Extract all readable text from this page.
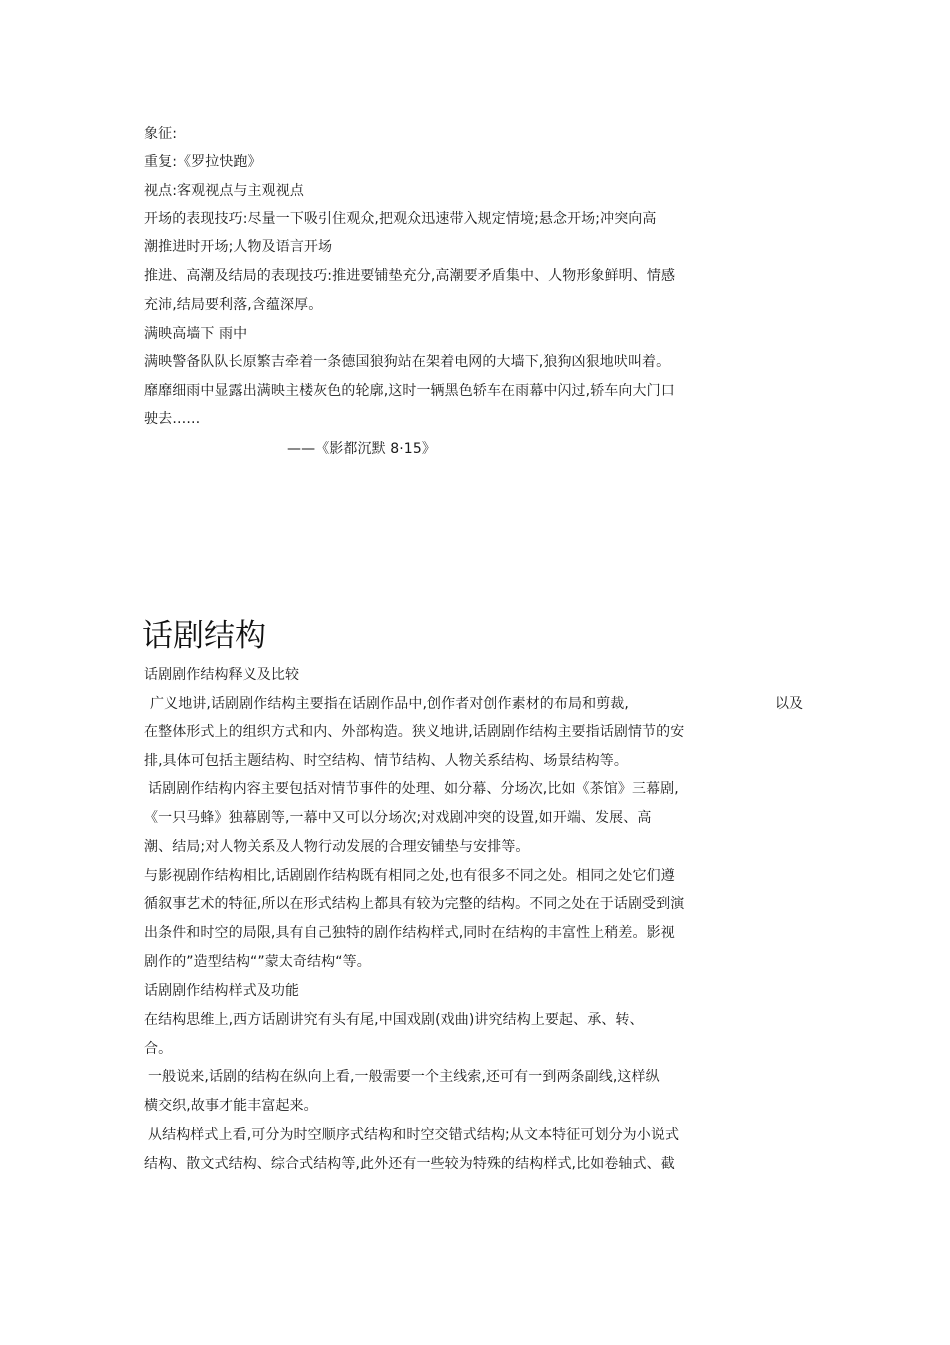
象征:
重复:《罗拉快跑》
视点:客观视点与主观视点
开场的表现技巧:尽量一下吸引住观众,把观众迅速带入规定情境;悬念开场;冲突向高
潮推进时开场;人物及语言开场
推进、高潮及结局的表现技巧:推进要铺垫充分,高潮要矛盾集中、人物形象鲜明、情感
充沛,结局要利落,含蕴深厚。
满映高墙下 雨中
满映警备队队长原繁吉牵着一条德国狼狗站在架着电网的大墙下,狼狗凶狠地吠叫着。
靡靡细雨中显露出满映主楼灰色的轮廓,这时一辆黑色轿车在雨幕中闪过,轿车向大门口
驶去……
——《影都沉默 8·15》
话剧结构
话剧剧作结构释义及比较
广义地讲,话剧剧作结构主要指在话剧作品中,创作者对创作素材的布局和剪裁,	以及
在整体形式上的组织方式和内、外部构造。狭义地讲,话剧剧作结构主要指话剧情节的安
排,具体可包括主题结构、时空结构、情节结构、人物关系结构、场景结构等。
话剧剧作结构内容主要包括对情节事件的处理、如分幕、分场次,比如《茶馆》三幕剧,
《一只马蜂》独幕剧等,一幕中又可以分场次;对戏剧冲突的设置,如开端、发展、高
潮、结局;对人物关系及人物行动发展的合理安铺垫与安排等。
与影视剧作结构相比,话剧剧作结构既有相同之处,也有很多不同之处。相同之处它们遵
循叙事艺术的特征,所以在形式结构上都具有较为完整的结构。不同之处在于话剧受到演
出条件和时空的局限,具有自己独特的剧作结构样式,同时在结构的丰富性上稍差。影视
剧作的”造型结构“”蒙太奇结构“等。
话剧剧作结构样式及功能
在结构思维上,西方话剧讲究有头有尾,中国戏剧(戏曲)讲究结构上要起、承、转、
合。
一般说来,话剧的结构在纵向上看,一般需要一个主线索,还可有一到两条副线,这样纵
横交织,故事才能丰富起来。
从结构样式上看,可分为时空顺序式结构和时空交错式结构;从文本特征可划分为小说式
结构、散文式结构、综合式结构等,此外还有一些较为特殊的结构样式,比如卷轴式、截
